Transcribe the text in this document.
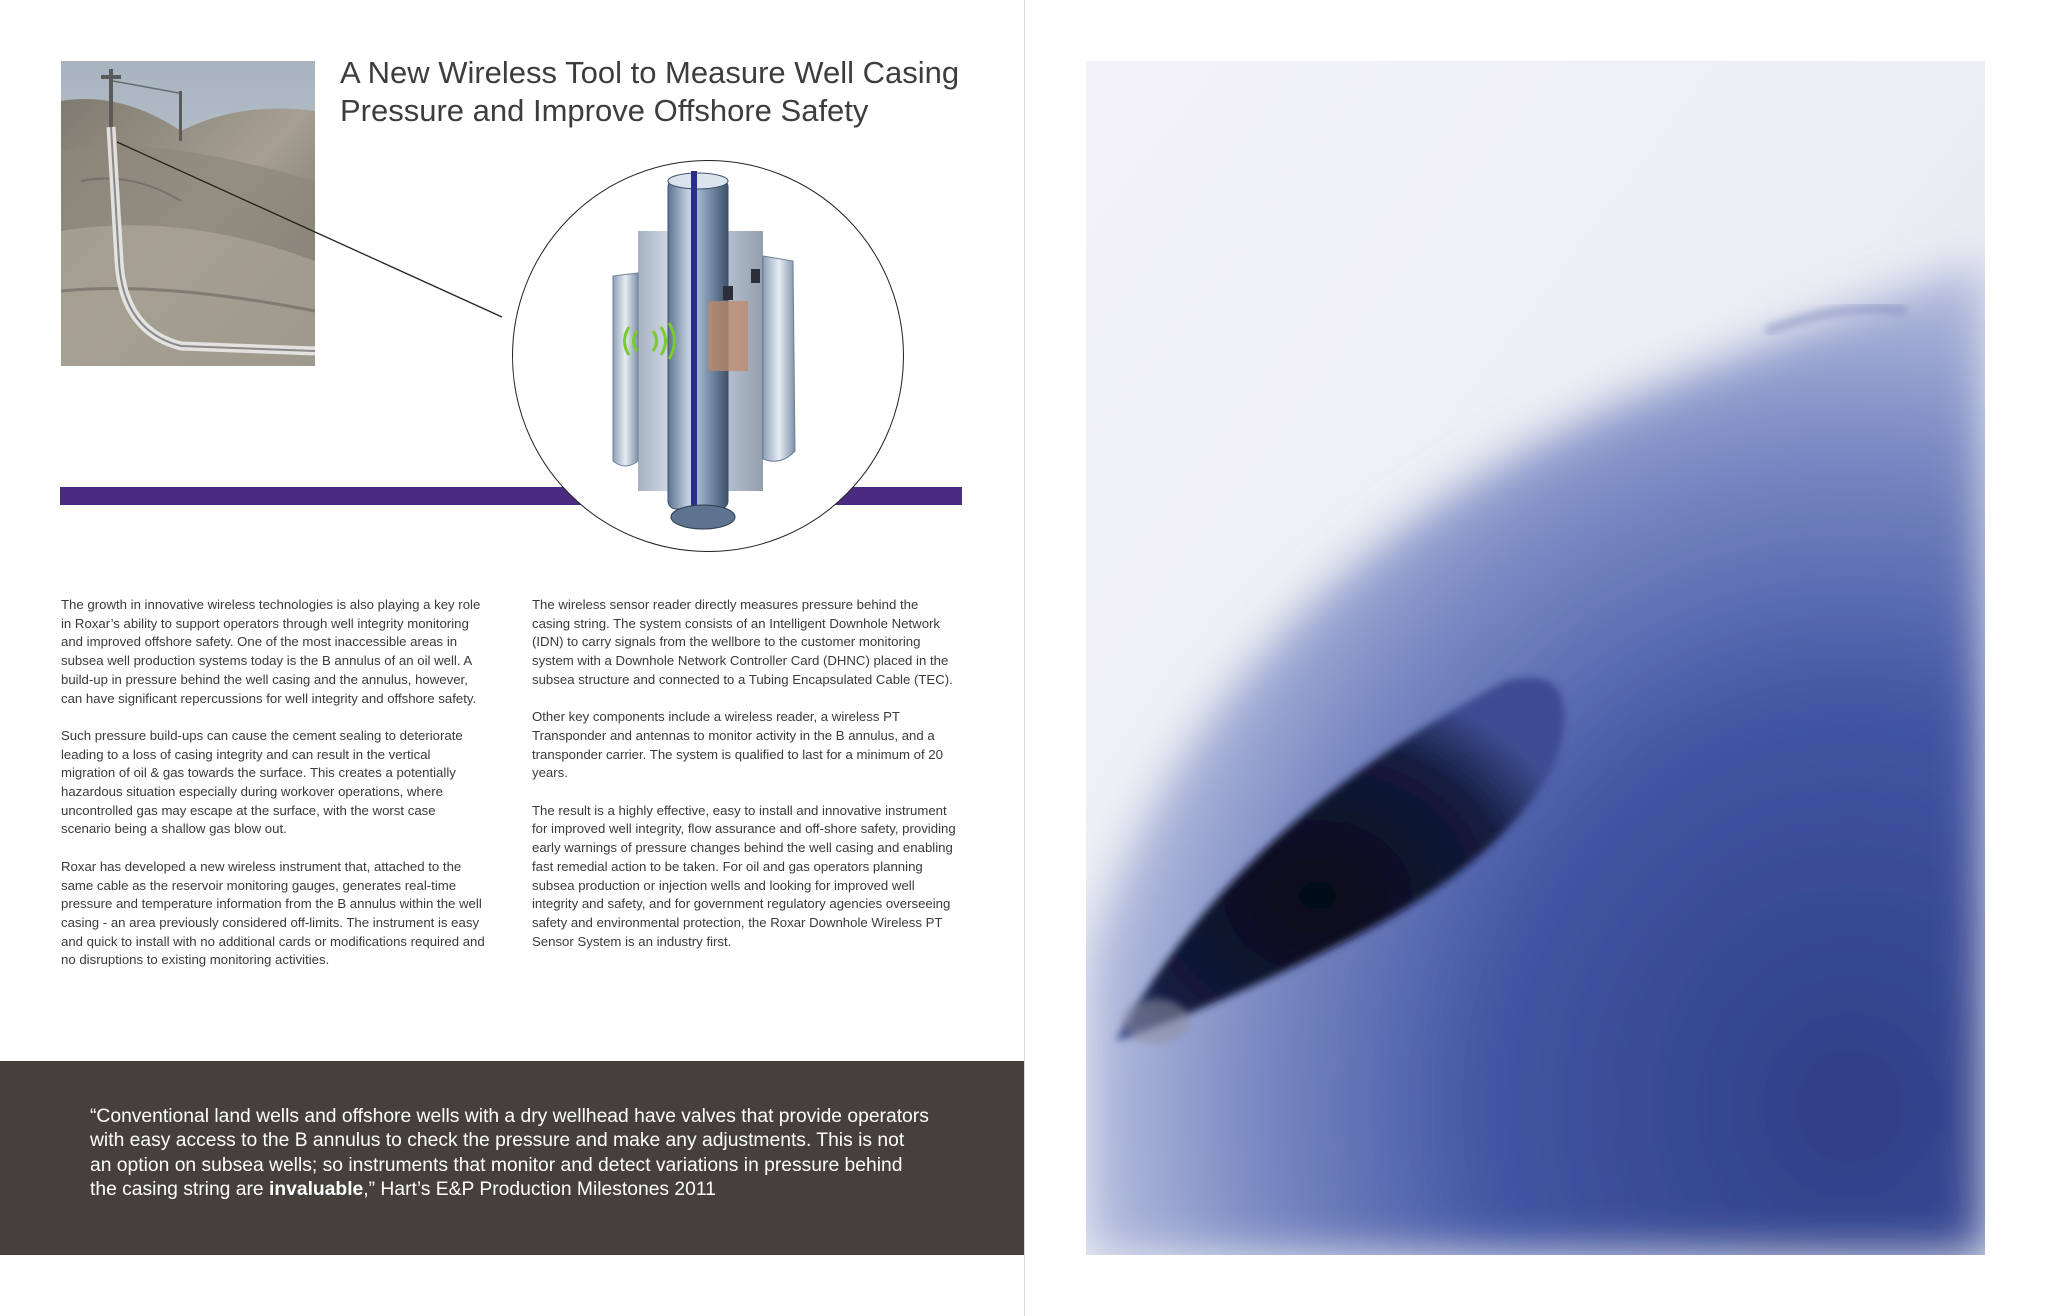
A New Wireless Tool to Measure Well Casing
Pressure and Improve Offshore Safety

The growth in innovative wireless technologies is also playing a key role in Roxar’s ability to support operators through well integrity monitoring and improved offshore safety. One of the most inaccessible areas in subsea well production systems today is the B annulus of an oil well. A build-up in pressure behind the well casing and the annulus, however, can have significant repercussions for well integrity and offshore safety.

Such pressure build-ups can cause the cement sealing to deteriorate leading to a loss of casing integrity and can result in the vertical migration of oil & gas towards the surface. This creates a potentially hazardous situation especially during workover operations, where uncontrolled gas may escape at the surface, with the worst case scenario being a shallow gas blow out.

Roxar has developed a new wireless instrument that, attached to the same cable as the reservoir monitoring gauges, generates real-time pressure and temperature information from the B annulus within the well casing - an area previously considered off-limits. The instrument is easy and quick to install with no additional cards or modifications required and no disruptions to existing monitoring activities.

The wireless sensor reader directly measures pressure behind the casing string. The system consists of an Intelligent Downhole Network (IDN) to carry signals from the wellbore to the customer monitoring system with a Downhole Network Controller Card (DHNC) placed in the subsea structure and connected to a Tubing Encapsulated Cable (TEC).

Other key components include a wireless reader, a wireless PT Transponder and antennas to monitor activity in the B annulus, and a transponder carrier. The system is qualified to last for a minimum of 20 years.

The result is a highly effective, easy to install and innovative instrument for improved well integrity, flow assurance and off-shore safety, providing early warnings of pressure changes behind the well casing and enabling fast remedial action to be taken. For oil and gas operators planning subsea production or injection wells and looking for improved well integrity and safety, and for government regulatory agencies overseeing safety and environmental protection, the Roxar Downhole Wireless PT Sensor System is an industry first.

“Conventional land wells and offshore wells with a dry wellhead have valves that provide operators with easy access to the B annulus to check the pressure and make any adjustments. This is not an option on subsea wells; so instruments that monitor and detect variations in pressure behind the casing string are invaluable,” Hart’s E&P Production Milestones 2011
